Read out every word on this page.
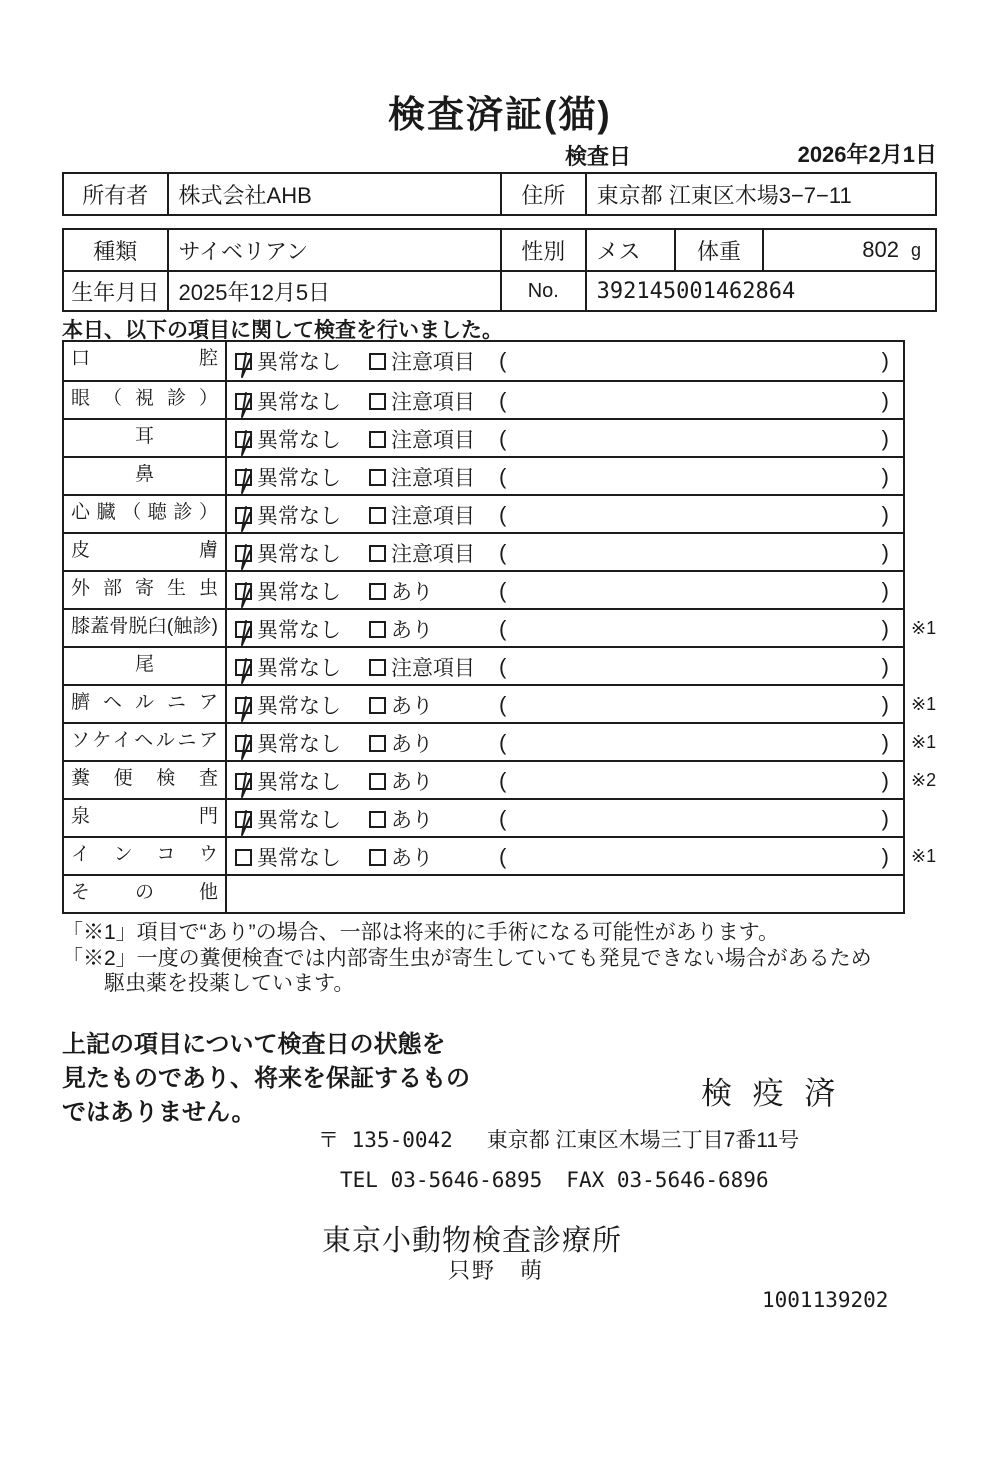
検査済証(猫)
検査日	2026年2月1日
所有者	株式会社AHB	住所	東京都 江東区木場3−7−11
種類	サイベリアン	性別	メス	体重	802 g
生年月日 2025年12月5日	No.	392145001462864
本日、以下の項目に関して検査を行いました。
口腔	異常なし 注意項目 (	)
眼（視診）	異常なし 注意項目 (	)
耳	異常なし 注意項目 (	)
鼻	異常なし 注意項目 (	)
心臓（聴診）	異常なし 注意項目 (	)
皮膚	異常なし 注意項目 (	)
外部寄生虫	異常なし あり	(	)
膝蓋骨脱臼(触診)	異常なし あり	(	) ※1
尾	異常なし 注意項目 (	)
臍ヘルニア	異常なし あり	(	) ※1
ソケイヘルニア	異常なし あり	(	) ※1
糞便検査	異常なし あり	(	) ※2
泉門	異常なし あり	(	)
インコウ	異常なし あり	(	) ※1
その他
「※1」項目で“あり”の場合、一部は将来的に手術になる可能性があります。
「※2」一度の糞便検査では内部寄生虫が寄生していても発見できない場合があるため
駆虫薬を投薬しています。
上記の項目について検査日の状態を
見たものであり、将来を保証するもの
ではありません。
検 疫 済
〒 135-0042 東京都 江東区木場三丁目7番11号
TEL 03-5646-6895 FAX 03-5646-6896
東京小動物検査診療所
只野　萌
1001139202
